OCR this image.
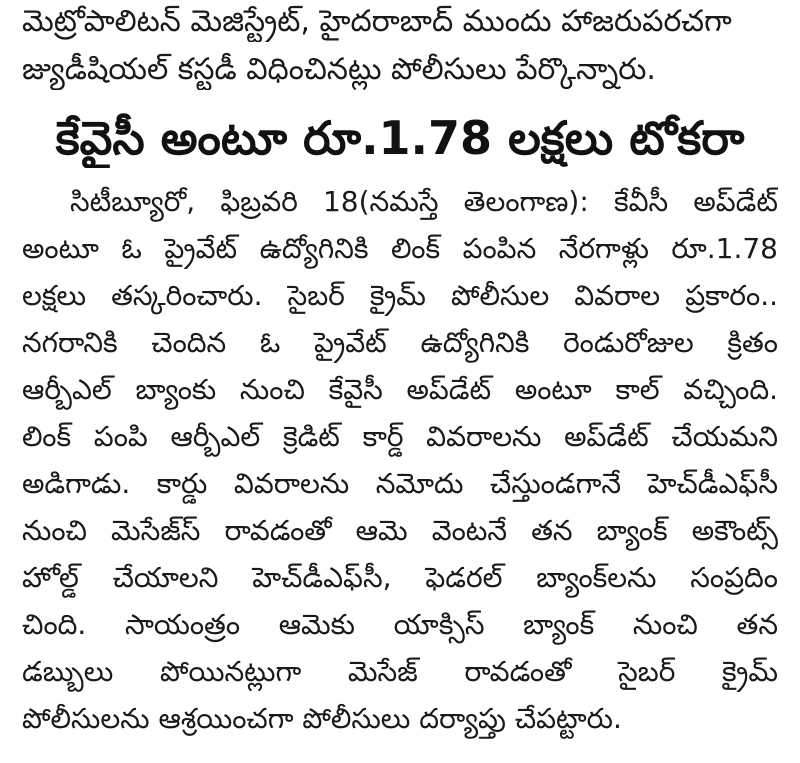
మెట్రోపాలిటన్ మెజిస్ట్రేట్, హైదరాబాద్ ముందు హాజరుపరచగా
జ్యుడీషియల్ కస్టడీ విధించినట్లు పోలీసులు పేర్కొన్నారు.
కేవైసీ అంటూ రూ.1.78 లక్షలు టోకరా
సిటీబ్యూరో, ఫిబ్రవరి 18(నమస్తే తెలంగాణ): కేవీసీ అప్‌డేట్
అంటూ ఓ ప్రైవేట్ ఉద్యోగినికి లింక్ పంపిన నేరగాళ్లు రూ.1.78
లక్షలు తస్కరించారు. సైబర్ క్రైమ్ పోలీసుల వివరాల ప్రకారం..
నగరానికి చెందిన ఓ ప్రైవేట్ ఉద్యోగినికి రెండురోజుల క్రితం
ఆర్బీఎల్ బ్యాంకు నుంచి కేవైసీ అప్‌డేట్ అంటూ కాల్ వచ్చింది.
లింక్ పంపి ఆర్బీఎల్ క్రెడిట్ కార్డ్ వివరాలను అప్‌డేట్ చేయమని
అడిగాడు. కార్డు వివరాలను నమోదు చేస్తుండగానే హెచ్‌డీఎఫ్‌సీ
నుంచి మెసేజ్‌స్ రావడంతో ఆమె వెంటనే తన బ్యాంక్ అకౌంట్స్
హోల్డ్ చేయాలని హెచ్‌డీఎఫ్‌సీ, ఫెడరల్ బ్యాంక్‌లను సంప్రదిం
చింది. సాయంత్రం ఆమెకు యాక్సిస్ బ్యాంక్ నుంచి తన
డబ్బులు పోయినట్లుగా మెసేజ్ రావడంతో సైబర్ క్రైమ్
పోలీసులను ఆశ్రయించగా పోలీసులు దర్యాప్తు చేపట్టారు.
